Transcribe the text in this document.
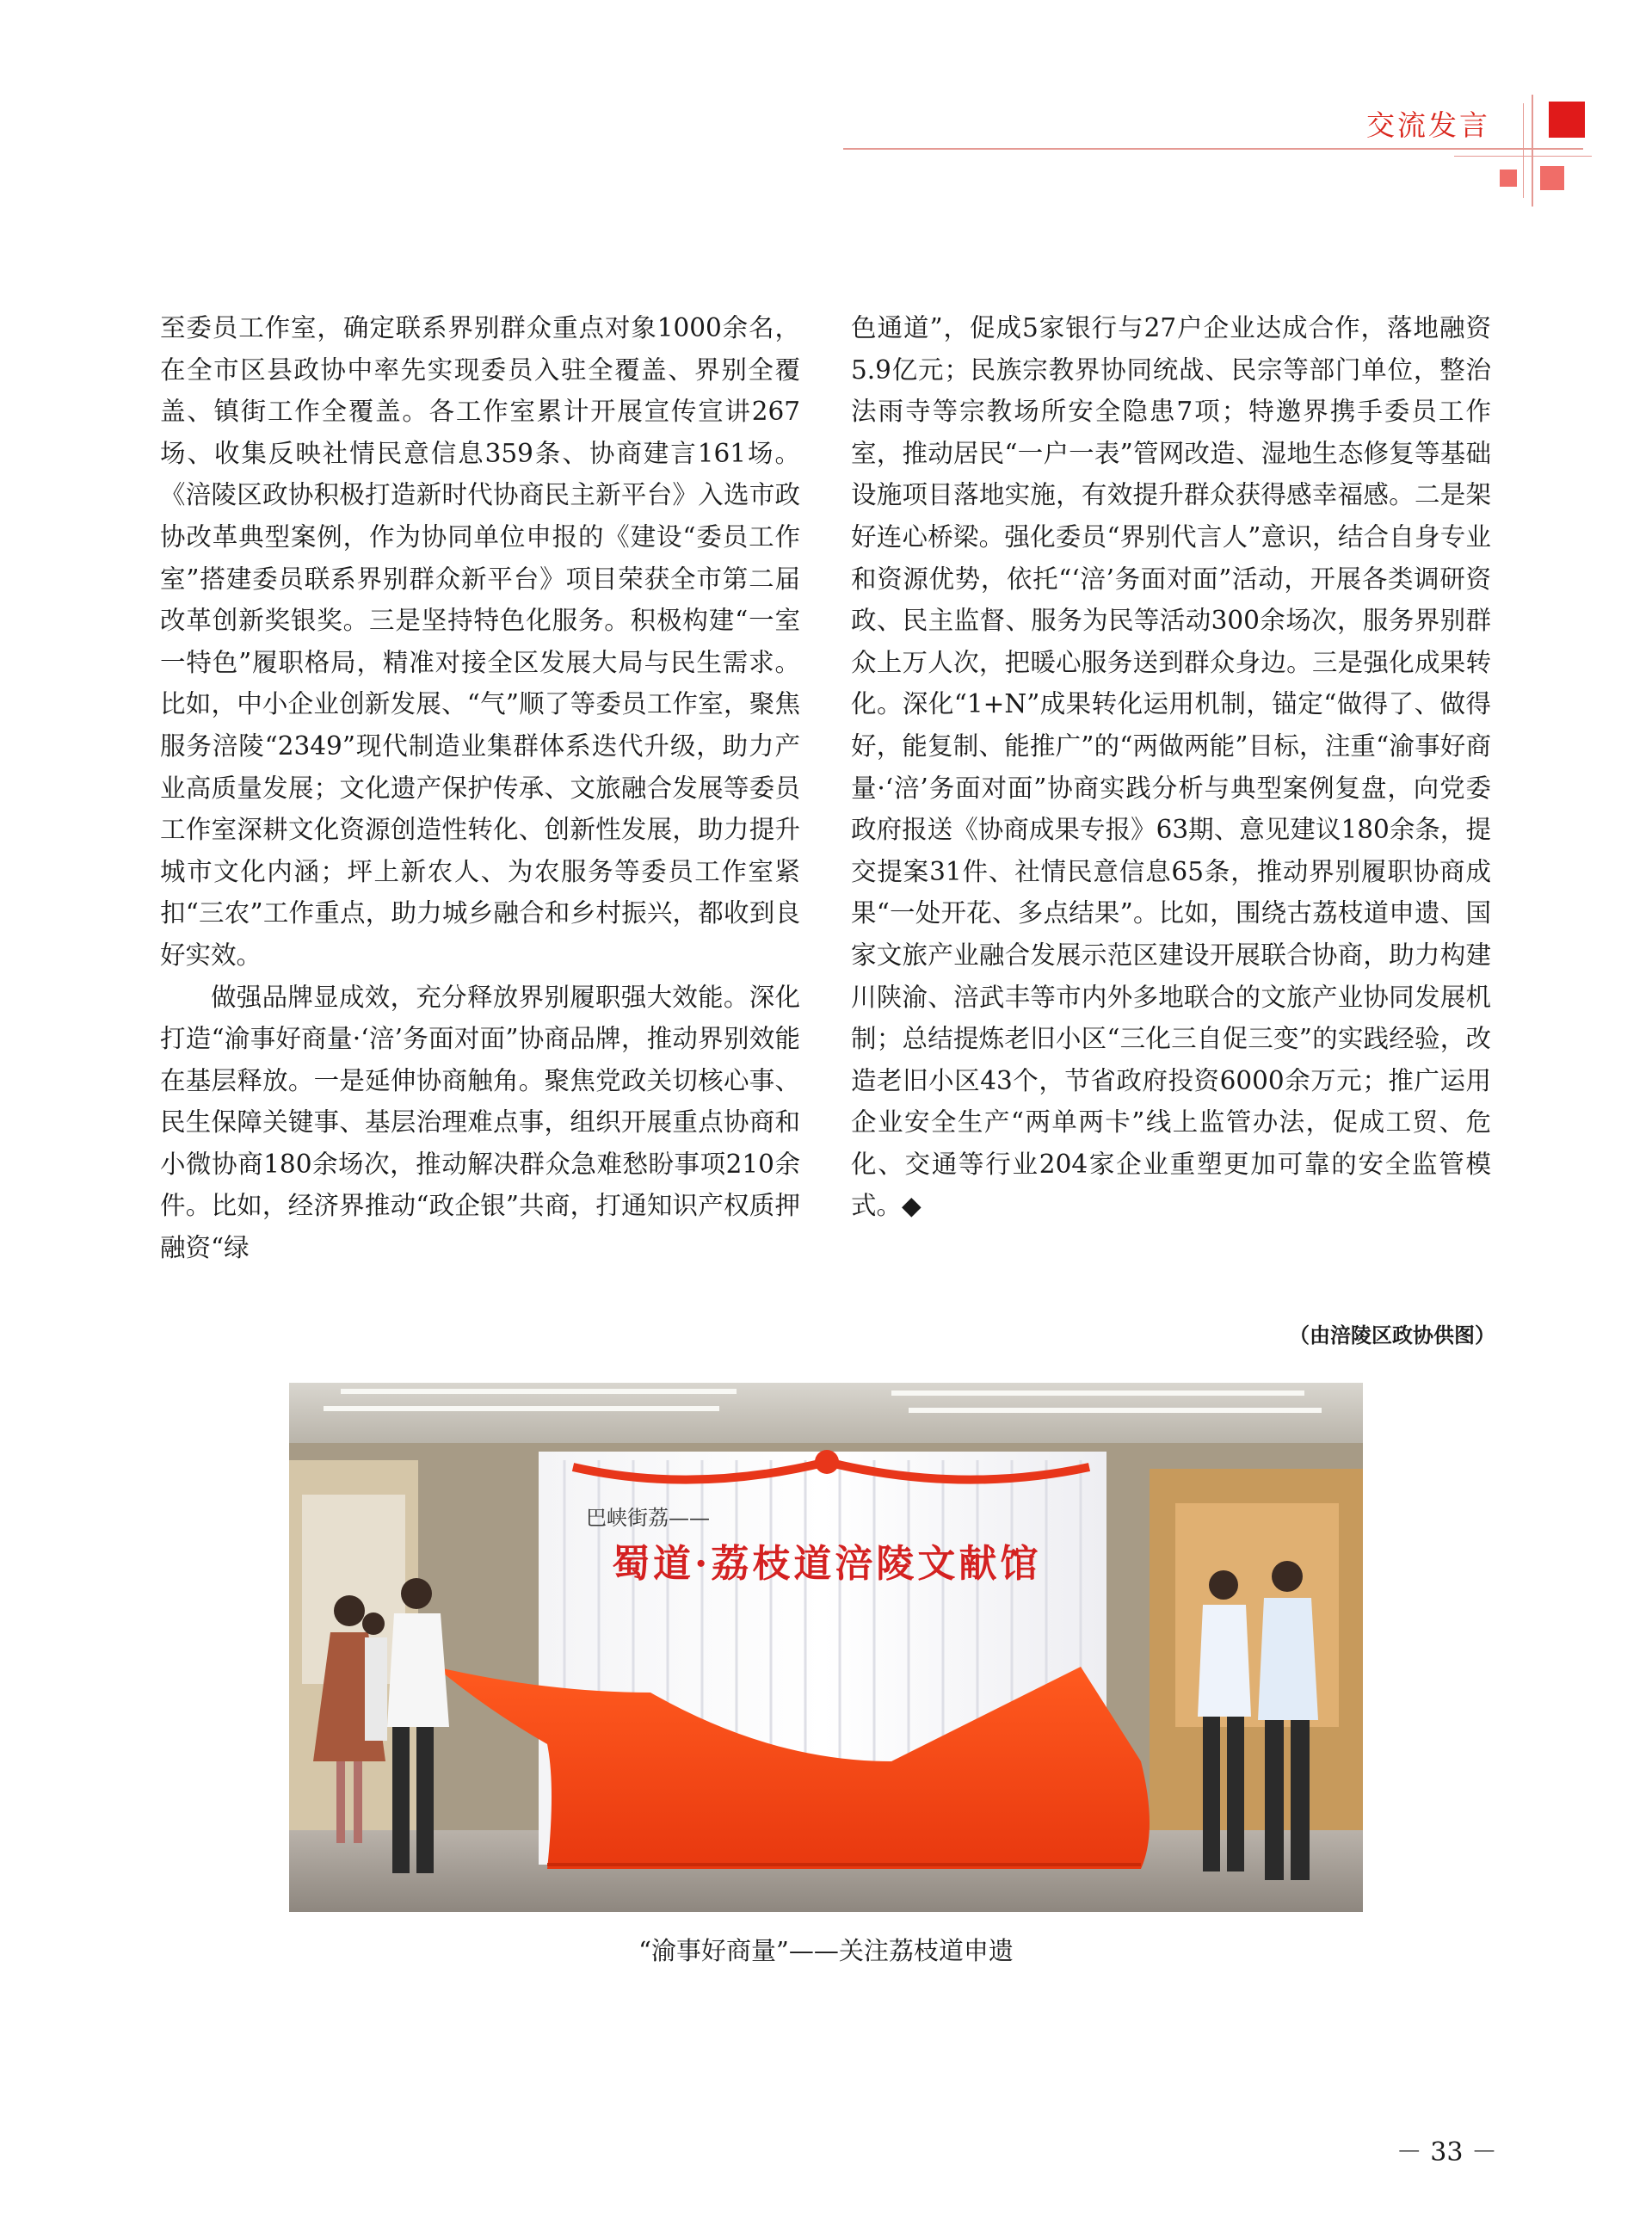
交流发言

至委员工作室，确定联系界别群众重点对象1000余名，在全市区县政协中率先实现委员入驻全覆盖、界别全覆盖、镇街工作全覆盖。各工作室累计开展宣传宣讲267场、收集反映社情民意信息359条、协商建言161场。《涪陵区政协积极打造新时代协商民主新平台》入选市政协改革典型案例，作为协同单位申报的《建设“委员工作室”搭建委员联系界别群众新平台》项目荣获全市第二届改革创新奖银奖。三是坚持特色化服务。积极构建“一室一特色”履职格局，精准对接全区发展大局与民生需求。比如，中小企业创新发展、“气”顺了等委员工作室，聚焦服务涪陵“2349”现代制造业集群体系迭代升级，助力产业高质量发展；文化遗产保护传承、文旅融合发展等委员工作室深耕文化资源创造性转化、创新性发展，助力提升城市文化内涵；坪上新农人、为农服务等委员工作室紧扣“三农”工作重点，助力城乡融合和乡村振兴，都收到良好实效。

做强品牌显成效，充分释放界别履职强大效能。深化打造“渝事好商量·‘涪’务面对面”协商品牌，推动界别效能在基层释放。一是延伸协商触角。聚焦党政关切核心事、民生保障关键事、基层治理难点事，组织开展重点协商和小微协商180余场次，推动解决群众急难愁盼事项210余件。比如，经济界推动“政企银”共商，打通知识产权质押融资“绿

色通道”，促成5家银行与27户企业达成合作，落地融资5.9亿元；民族宗教界协同统战、民宗等部门单位，整治法雨寺等宗教场所安全隐患7项；特邀界携手委员工作室，推动居民“一户一表”管网改造、湿地生态修复等基础设施项目落地实施，有效提升群众获得感幸福感。二是架好连心桥梁。强化委员“界别代言人”意识，结合自身专业和资源优势，依托“‘涪’务面对面”活动，开展各类调研资政、民主监督、服务为民等活动300余场次，服务界别群众上万人次，把暖心服务送到群众身边。三是强化成果转化。深化“1+N”成果转化运用机制，锚定“做得了、做得好，能复制、能推广”的“两做两能”目标，注重“渝事好商量·‘涪’务面对面”协商实践分析与典型案例复盘，向党委政府报送《协商成果专报》63期、意见建议180余条，提交提案31件、社情民意信息65条，推动界别履职协商成果“一处开花、多点结果”。比如，围绕古荔枝道申遗、国家文旅产业融合发展示范区建设开展联合协商，助力构建川陕渝、涪武丰等市内外多地联合的文旅产业协同发展机制；总结提炼老旧小区“三化三自促三变”的实践经验，改造老旧小区43个，节省政府投资6000余万元；推广运用企业安全生产“两单两卡”线上监管办法，促成工贸、危化、交通等行业204家企业重塑更加可靠的安全监管模式。◆

（由涪陵区政协供图）
巴峡街荔——
蜀道·荔枝道涪陵文献馆
“渝事好商量”——关注荔枝道申遗
－ 33 －
